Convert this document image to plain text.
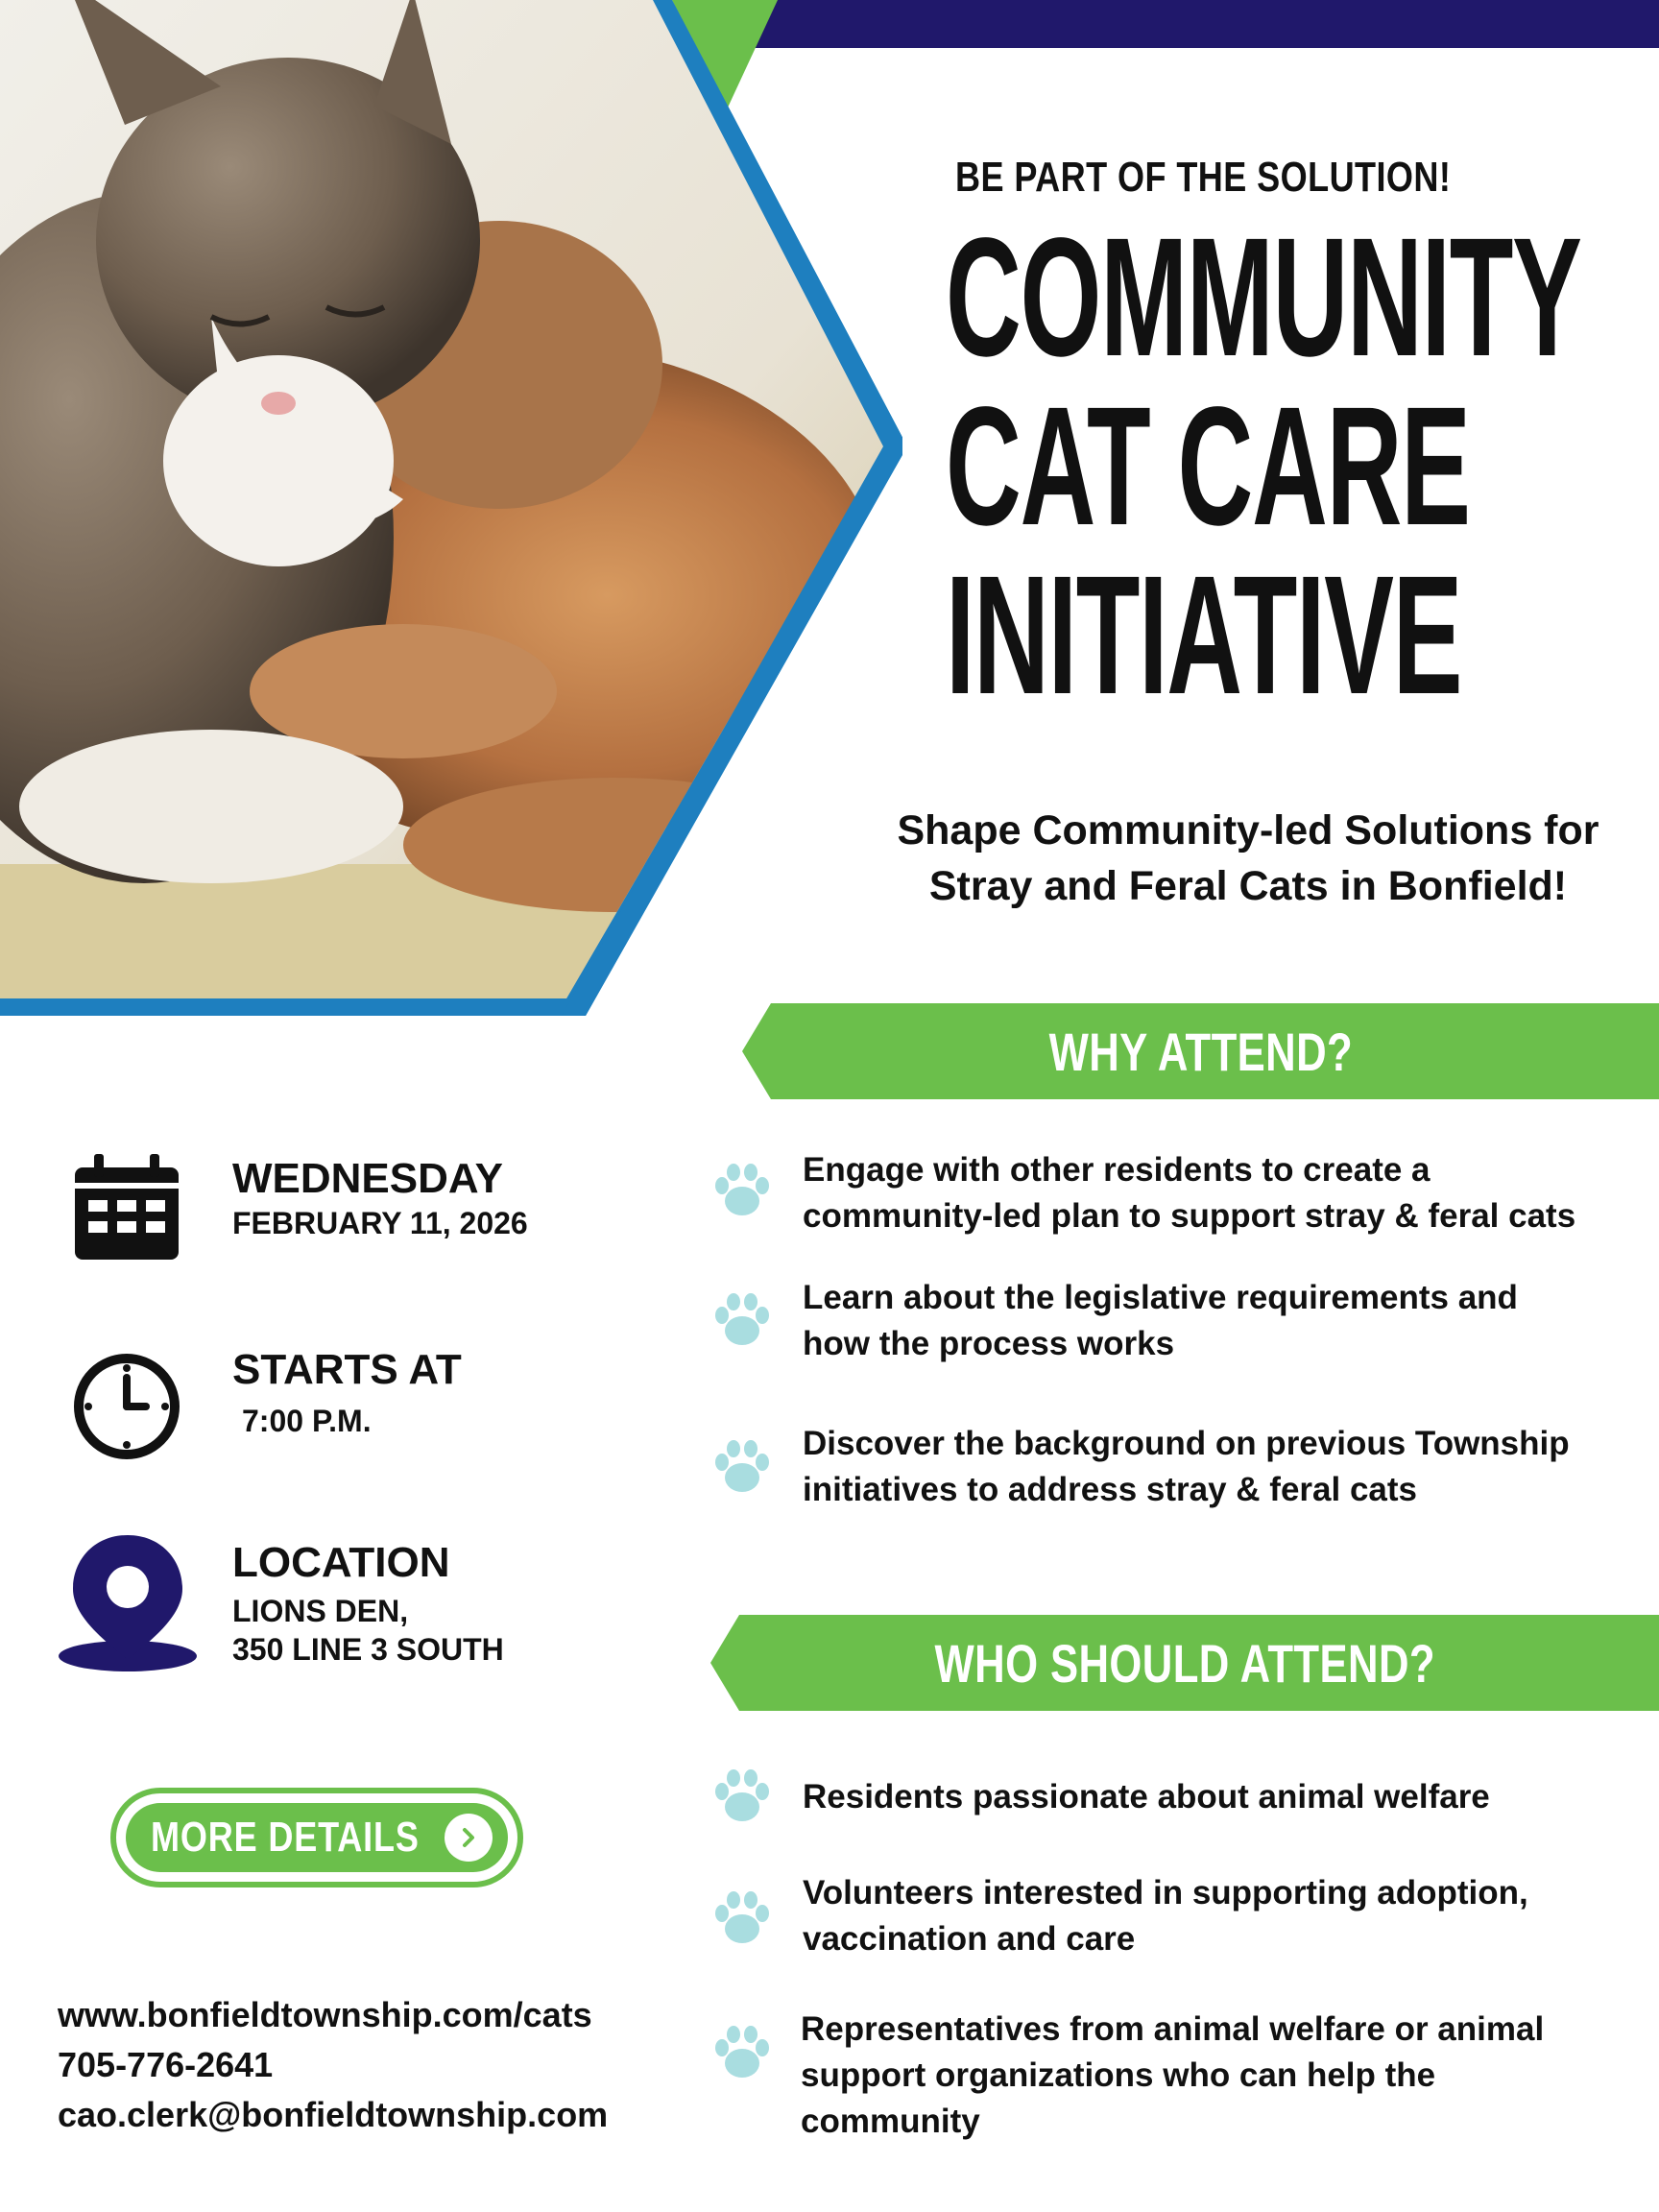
BE PART OF THE SOLUTION!
COMMUNITY
CAT CARE
INITIATIVE
Shape Community-led Solutions for
Stray and Feral Cats in Bonfield!
WHY ATTEND?
WEDNESDAY
FEBRUARY 11, 2026
STARTS AT
7:00 P.M.
LOCATION
LIONS DEN,
350 LINE 3 SOUTH
MORE DETAILS
www.bonfieldtownship.com/cats
705-776-2641
cao.clerk@bonfieldtownship.com
Engage with other residents to create a
community-led plan to support stray & feral cats
Learn about the legislative requirements and
how the process works
Discover the background on previous Township
initiatives to address stray & feral cats
WHO SHOULD ATTEND?
Residents passionate about animal welfare
Volunteers interested in supporting adoption,
vaccination and care
Representatives from animal welfare or animal
support organizations who can help the
community
